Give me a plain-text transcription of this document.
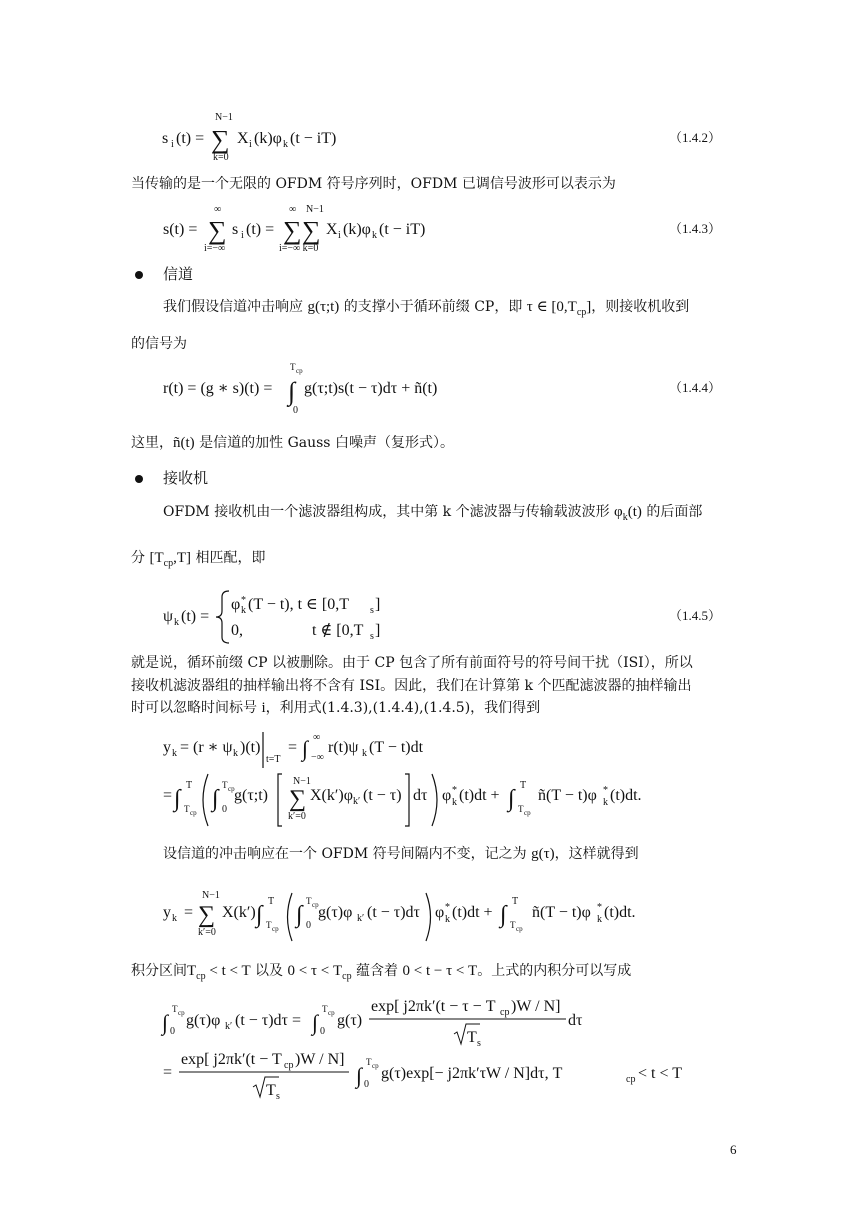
s i (t) =
N−1
∑
k=0
X i (k)φ k (t − iT)	（1.4.2）
当传输的是一个无限的 OFDM 符号序列时，OFDM 已调信号波形可以表示为
s(t) =
∞
∑
i=−∞
s i (t) =
∞
∑
N−1
∑
i=−∞ k=0
X i (k)φ k (t − iT)	（1.4.3）
信道
我们假设信道冲击响应 g(τ;t) 的支撑小于循环前缀 CP，即 τ ∈ $[0,T_{cp}]$，则接收机收到
的信号为
r(t) = (g ∗ s)(t) =
T cp
∫
0
g(τ;t)s(t − τ)dτ + ñ(t)	（1.4.4）
这里，ñ(t) 是信道的加性 Gauss 白噪声（复形式）。
接收机
OFDM 接收机由一个滤波器组构成，其中第 k 个滤波器与传输载波波形 $\varphi_k(t)$ 的后面部
分 $[T_{cp},T]$ 相匹配，即
ψ k (t) =
φ *
k (T − t), t ∈ [0,T s ]
0,	t ∉ [0,T s ]
（1.4.5）
就是说，循环前缀 CP 以被删除。由于 CP 包含了所有前面符号的符号间干扰（ISI），所以
接收机滤波器组的抽样输出将不含有 ISI。因此，我们在计算第 k 个匹配滤波器的抽样输出
时可以忽略时间标号 i，利用式(1.4.3),(1.4.4),(1.4.5)，我们得到
y k = (r ∗ ψ k )(t)
t=T
= ∫ ∞
−∞
r(t)ψ k (T − t)dt
= ∫
T
T cp
∫
T cp
0
g(τ;t)
N−1
∑
k′=0
X(k′)φ k′ (t − τ) dτ φ *
k (t)dt + ∫
T
T cp
ñ(T − t)φ *
k (t)dt.
设信道的冲击响应在一个 OFDM 符号间隔内不变，记之为 g(τ)，这样就得到
y k =
N−1
∑
k′=0
X(k′) ∫
T
T cp
∫
T cp
0
g(τ)φ k′ (t − τ)dτ φ *
k (t)dt + ∫
T
T cp
ñ(T − t)φ *
k (t)dt.
积分区间$T_{cp} < t < T$ 以及 $0 < \tau < T_{cp}$ 蕴含着 0 < t − τ < T。上式的内积分可以写成
∫
T cp
0
g(τ)φ k′ (t − τ)dτ = ∫
T cp
0
g(τ)
exp[ j2πk′(t − τ − T cp )W / N]
T s
dτ
=
exp[ j2πk′(t − T cp )W / N]
T s
∫
T cp
0
g(τ)exp[− j2πk′τW / N]dτ, T	cp < t < T
6
